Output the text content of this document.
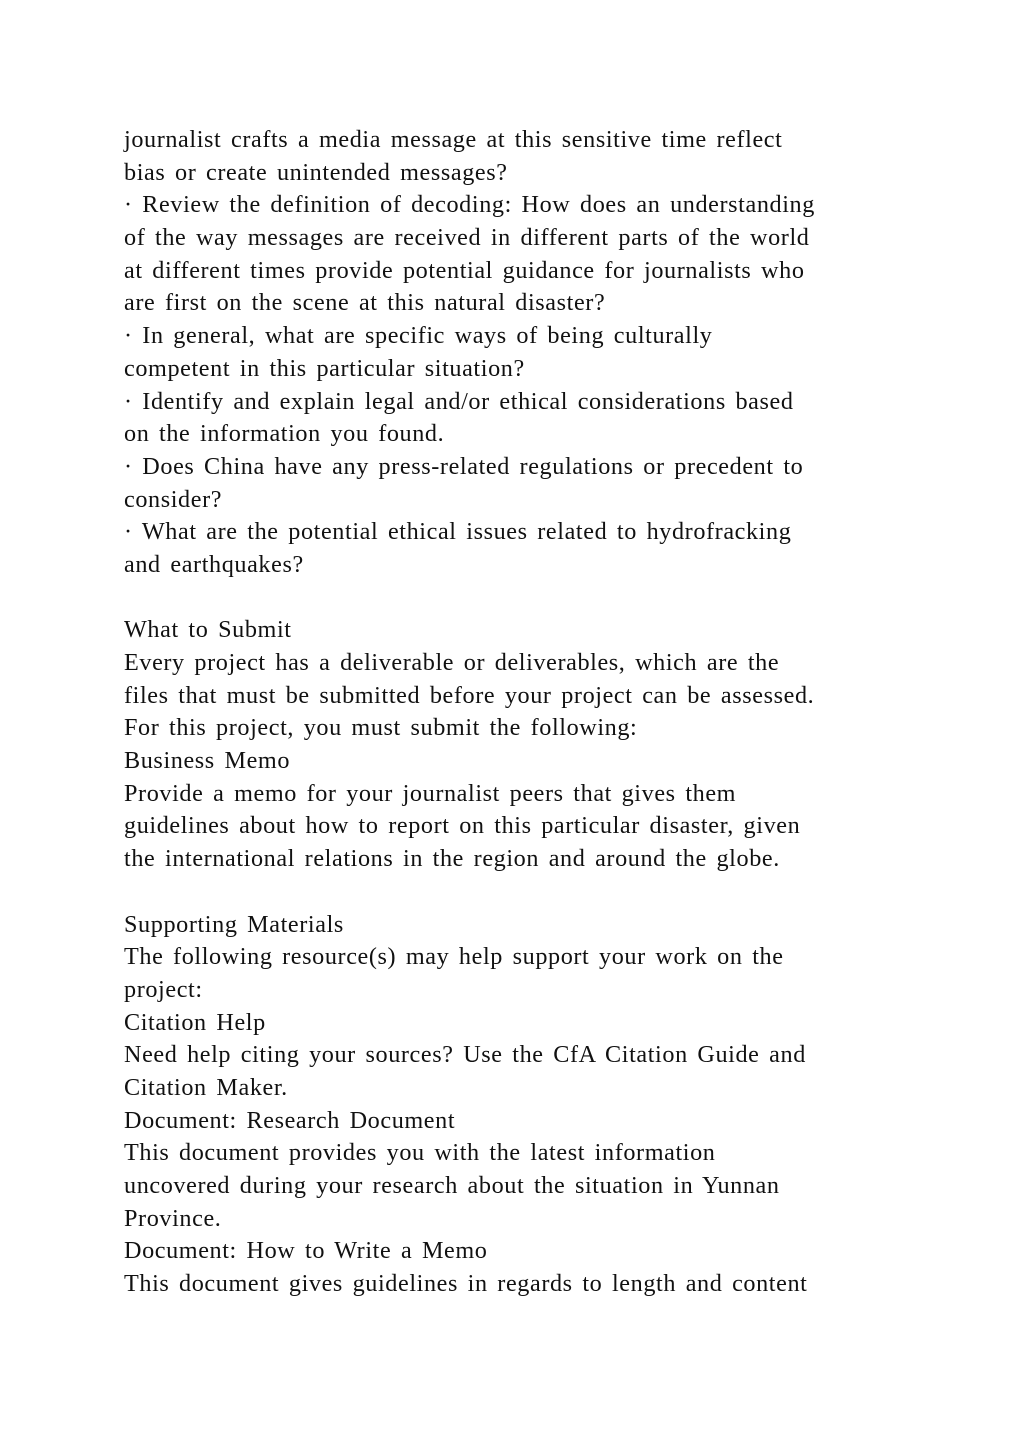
journalist crafts a media message at this sensitive time reflect
bias or create unintended messages?
· Review the definition of decoding: How does an understanding
of the way messages are received in different parts of the world
at different times provide potential guidance for journalists who
are first on the scene at this natural disaster?
· In general, what are specific ways of being culturally
competent in this particular situation?
· Identify and explain legal and/or ethical considerations based
on the information you found.
· Does China have any press-related regulations or precedent to
consider?
· What are the potential ethical issues related to hydrofracking
and earthquakes?
What to Submit
Every project has a deliverable or deliverables, which are the
files that must be submitted before your project can be assessed.
For this project, you must submit the following:
Business Memo
Provide a memo for your journalist peers that gives them
guidelines about how to report on this particular disaster, given
the international relations in the region and around the globe.
Supporting Materials
The following resource(s) may help support your work on the
project:
Citation Help
Need help citing your sources? Use the CfA Citation Guide and
Citation Maker.
Document: Research Document
This document provides you with the latest information
uncovered during your research about the situation in Yunnan
Province.
Document: How to Write a Memo
This document gives guidelines in regards to length and content
